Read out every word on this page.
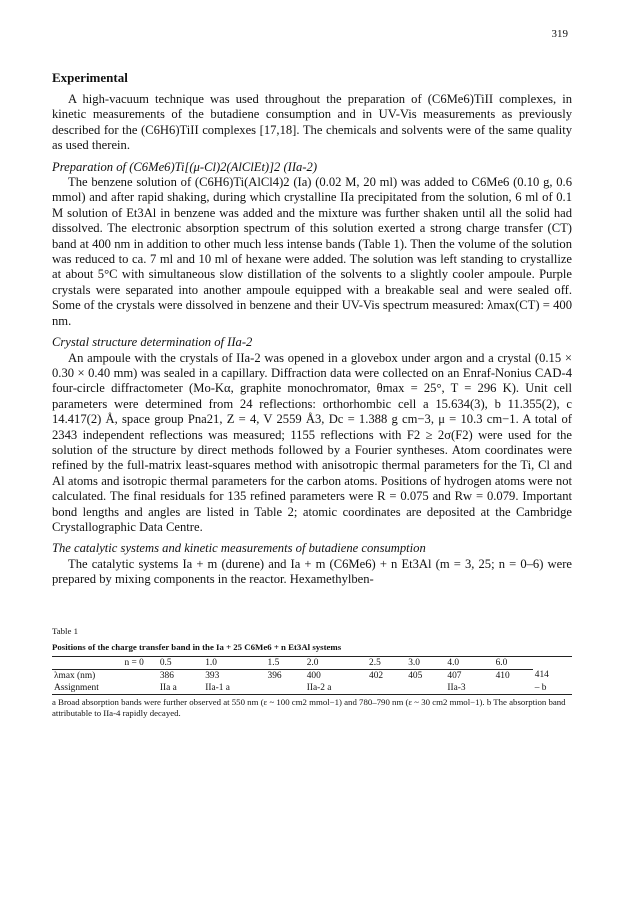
319
Experimental

A high-vacuum technique was used throughout the preparation of (C6Me6)TiII complexes, in kinetic measurements of the butadiene consumption and in UV-Vis measurements as previously described for the (C6H6)TiII complexes [17,18]. The chemicals and solvents were of the same quality as used therein.

Preparation of (C6Me6)Ti[(μ-Cl)2(AlClEt)]2 (IIa-2)

The benzene solution of (C6H6)Ti(AlCl4)2 (Ia) (0.02 M, 20 ml) was added to C6Me6 (0.10 g, 0.6 mmol) and after rapid shaking, during which crystalline IIa precipitated from the solution, 6 ml of 0.1 M solution of Et3Al in benzene was added and the mixture was further shaken until all the solid had dissolved. The electronic absorption spectrum of this solution exerted a strong charge transfer (CT) band at 400 nm in addition to other much less intense bands (Table 1). Then the volume of the solution was reduced to ca. 7 ml and 10 ml of hexane were added. The solution was left standing to crystallize at about 5°C with simultaneous slow distillation of the solvents to a slightly cooler ampoule. Purple crystals were separated into another ampoule equipped with a breakable seal and were sealed off. Some of the crystals were dissolved in benzene and their UV-Vis spectrum measured: λmax(CT) = 400 nm.

Crystal structure determination of IIa-2

An ampoule with the crystals of IIa-2 was opened in a glovebox under argon and a crystal (0.15 × 0.30 × 0.40 mm) was sealed in a capillary. Diffraction data were collected on an Enraf-Nonius CAD-4 four-circle diffractometer (Mo-Kα, graphite monochromator, θmax = 25°, T = 296 K). Unit cell parameters were determined from 24 reflections: orthorhombic cell a 15.634(3), b 11.355(2), c 14.417(2) Å, space group Pna21, Z = 4, V 2559 Å3, Dc = 1.388 g cm−3, μ = 10.3 cm−1. A total of 2343 independent reflections was measured; 1155 reflections with F2 ≥ 2σ(F2) were used for the solution of the structure by direct methods followed by a Fourier syntheses. Atom coordinates were refined by the full-matrix least-squares method with anisotropic thermal parameters for the Ti, Cl and Al atoms and isotropic thermal parameters for the carbon atoms. Positions of hydrogen atoms were not calculated. The final residuals for 135 refined parameters were R = 0.075 and Rw = 0.079. Important bond lengths and angles are listed in Table 2; atomic coordinates are deposited at the Cambridge Crystallographic Data Centre.

The catalytic systems and kinetic measurements of butadiene consumption

The catalytic systems Ia + m (durene) and Ia + m (C6Me6) + n Et3Al (m = 3, 25; n = 0–6) were prepared by mixing components in the reactor. Hexamethylben-

Table 1
Positions of the charge transfer band in the Ia + 25 C6Me6 + n Et3Al systems
n = 0	0.5	1.0	1.5	2.0	2.5	3.0	4.0	6.0	
λmax (nm)	386	393	396	400	402	405	407	410	414
Assignment	IIa a	IIa-1 a		IIa-2 a			IIa-3		– b
a Broad absorption bands were further observed at 550 nm (ε ~ 100 cm2 mmol−1) and 780–790 nm (ε ~ 30 cm2 mmol−1). b The absorption band attributable to IIa-4 rapidly decayed.
